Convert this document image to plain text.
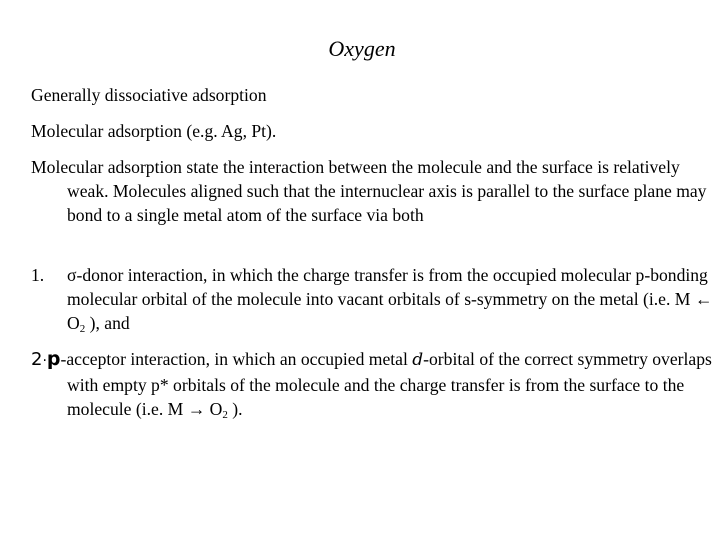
Oxygen

Generally dissociative adsorption

Molecular adsorption (e.g. Ag, Pt).

Molecular adsorption state the interaction between the molecule and the surface is relatively weak. Molecules aligned such that the internuclear axis is parallel to the surface plane may bond to a single metal atom of the surface via both

1. σ-donor interaction, in which the charge transfer is from the occupied molecular p-bonding molecular orbital of the molecule into vacant orbitals of s-symmetry on the metal (i.e. M ← $O_2$ ), and

2·p-acceptor interaction, in which an occupied metal d-orbital of the correct symmetry overlaps with empty p* orbitals of the molecule and the charge transfer is from the surface to the molecule (i.e. $M \to O_2$ ).
